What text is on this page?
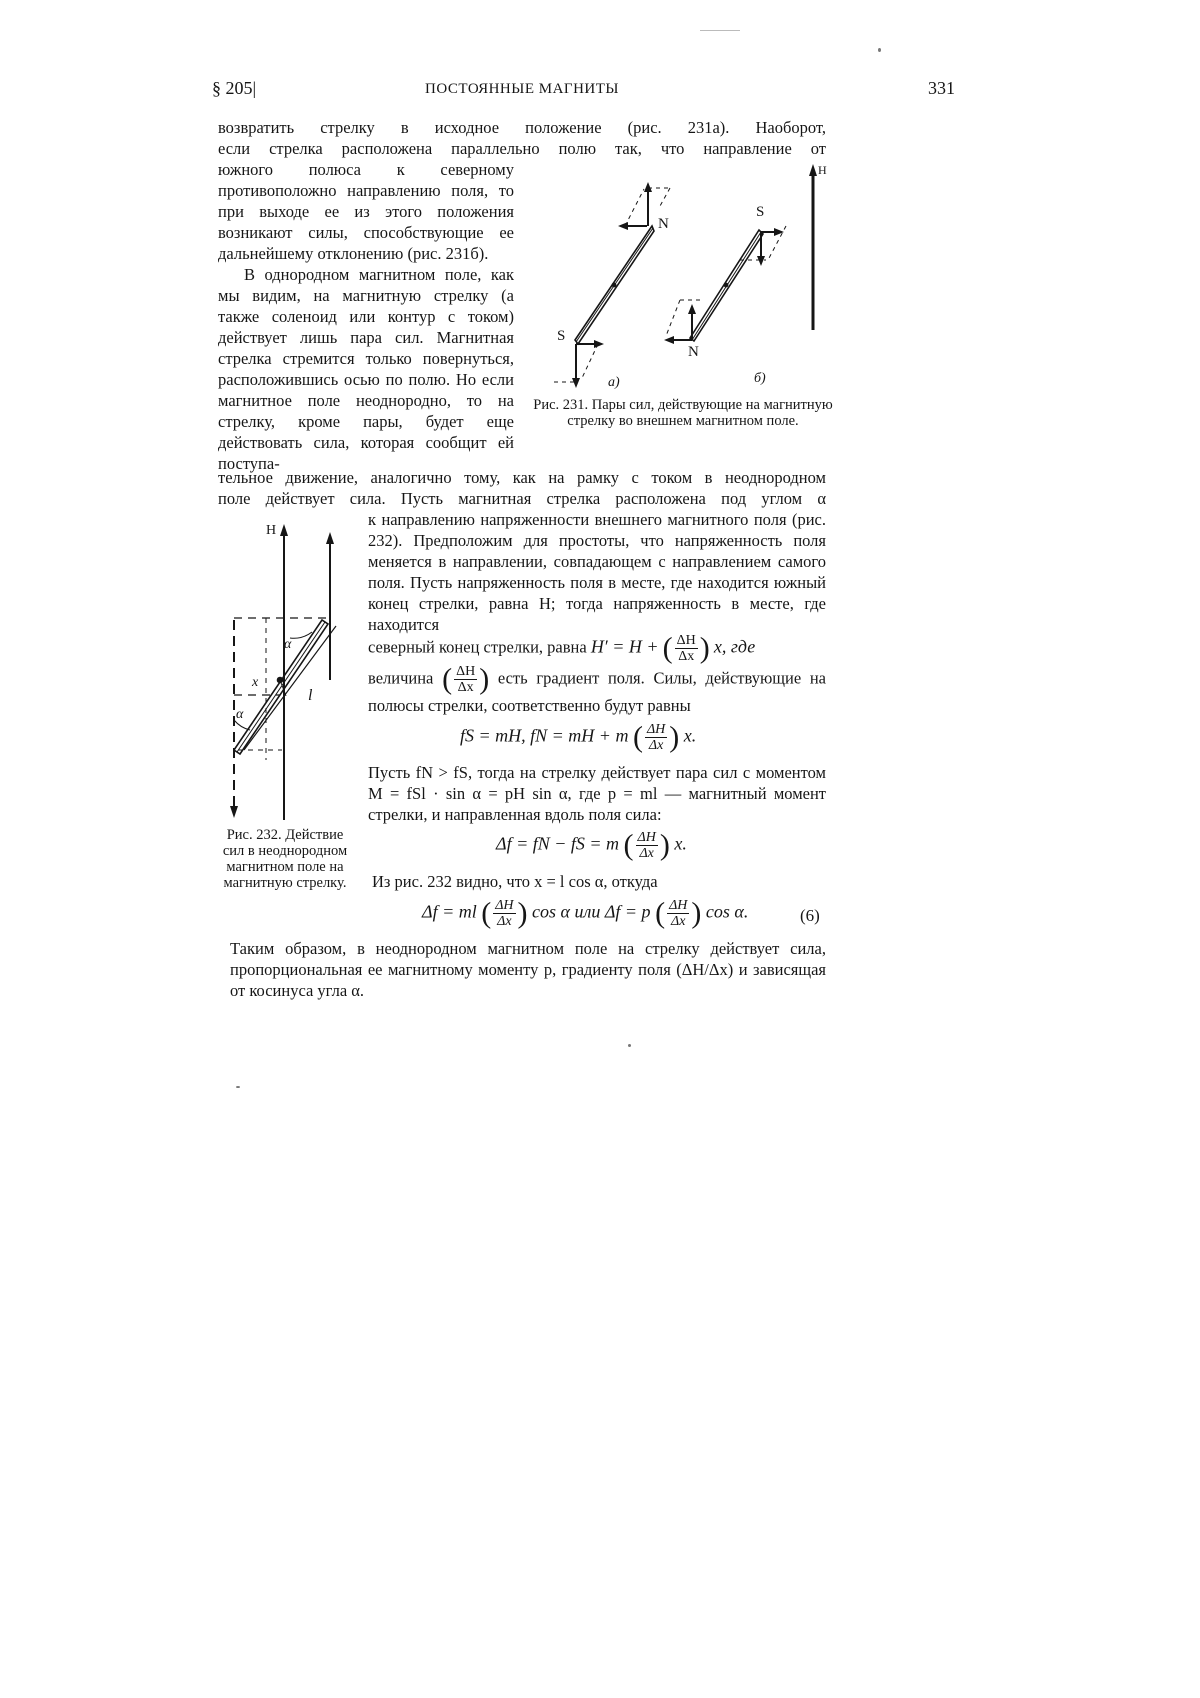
§ 205|	ПОСТОЯННЫЕ МАГНИТЫ	331
возвратить стрелку в исходное положение (рис. 231а). Наоборот,
если стрелка расположена параллельно полю так, что направление от

южного полюса к северному противоположно направлению поля, то при выходе ее из этого положения возникают силы, способствующие ее дальнейшему отклонению (рис. 231б).

В однородном магнитном поле, как мы видим, на магнитную стрелку (а также соленоид или контур с током) действует лишь пара сил. Магнитная стрелка стремится только повернуться, расположившись осью по полю. Но если магнитное поле неоднородно, то на стрелку, кроме пары, будет еще действовать сила, которая сообщит ей поступа-

H
N
S
S
N
а)	б)
Рис. 231. Пары сил, действующие на магнитную стрелку во внешнем магнитном поле.
тельное движение, аналогично тому, как на рамку с током в неоднородном
поле действует сила. Пусть магнитная стрелка расположена под углом α
H
α
α
x
l
Рис. 232. Действие сил в неоднородном магнитном поле на магнитную стрелку.
к направлению напряженности внешнего магнитного поля (рис. 232). Предположим для простоты, что напряженность поля меняется в направлении, совпадающем с направлением самого поля. Пусть напряженность поля в месте, где находится южный конец стрелки, равна H; тогда напряженность в месте, где находится
северный конец стрелки, равна H′ = H + ( $\frac{\Delta H}{\Delta x}$ ) x, где
величина ( $\frac{\Delta H}{\Delta x}$ ) есть градиент поля. Силы, действующие на полюсы стрелки, соответственно будут равны
fS = mH, fN = mH + m ( $\frac{\Delta H}{\Delta x}$ ) x.
Пусть fN > fS, тогда на стрелку действует пара сил с моментом M = fSl · sin α = pH sin α, где p = ml — магнитный момент стрелки, и направленная вдоль поля сила:
Δf = fN − fS = m ( $\frac{\Delta H}{\Delta x}$ ) x.
Из рис. 232 видно, что x = l cos α, откуда
Δf = ml ( $\frac{\Delta H}{\Delta x}$ ) cos α или Δf = p ( $\frac{\Delta H}{\Delta x}$ ) cos α.	(6)
Таким образом, в неоднородном магнитном поле на стрелку действует сила, пропорциональная ее магнитному моменту p, градиенту поля (ΔH/Δx) и зависящая от косинуса угла α.
